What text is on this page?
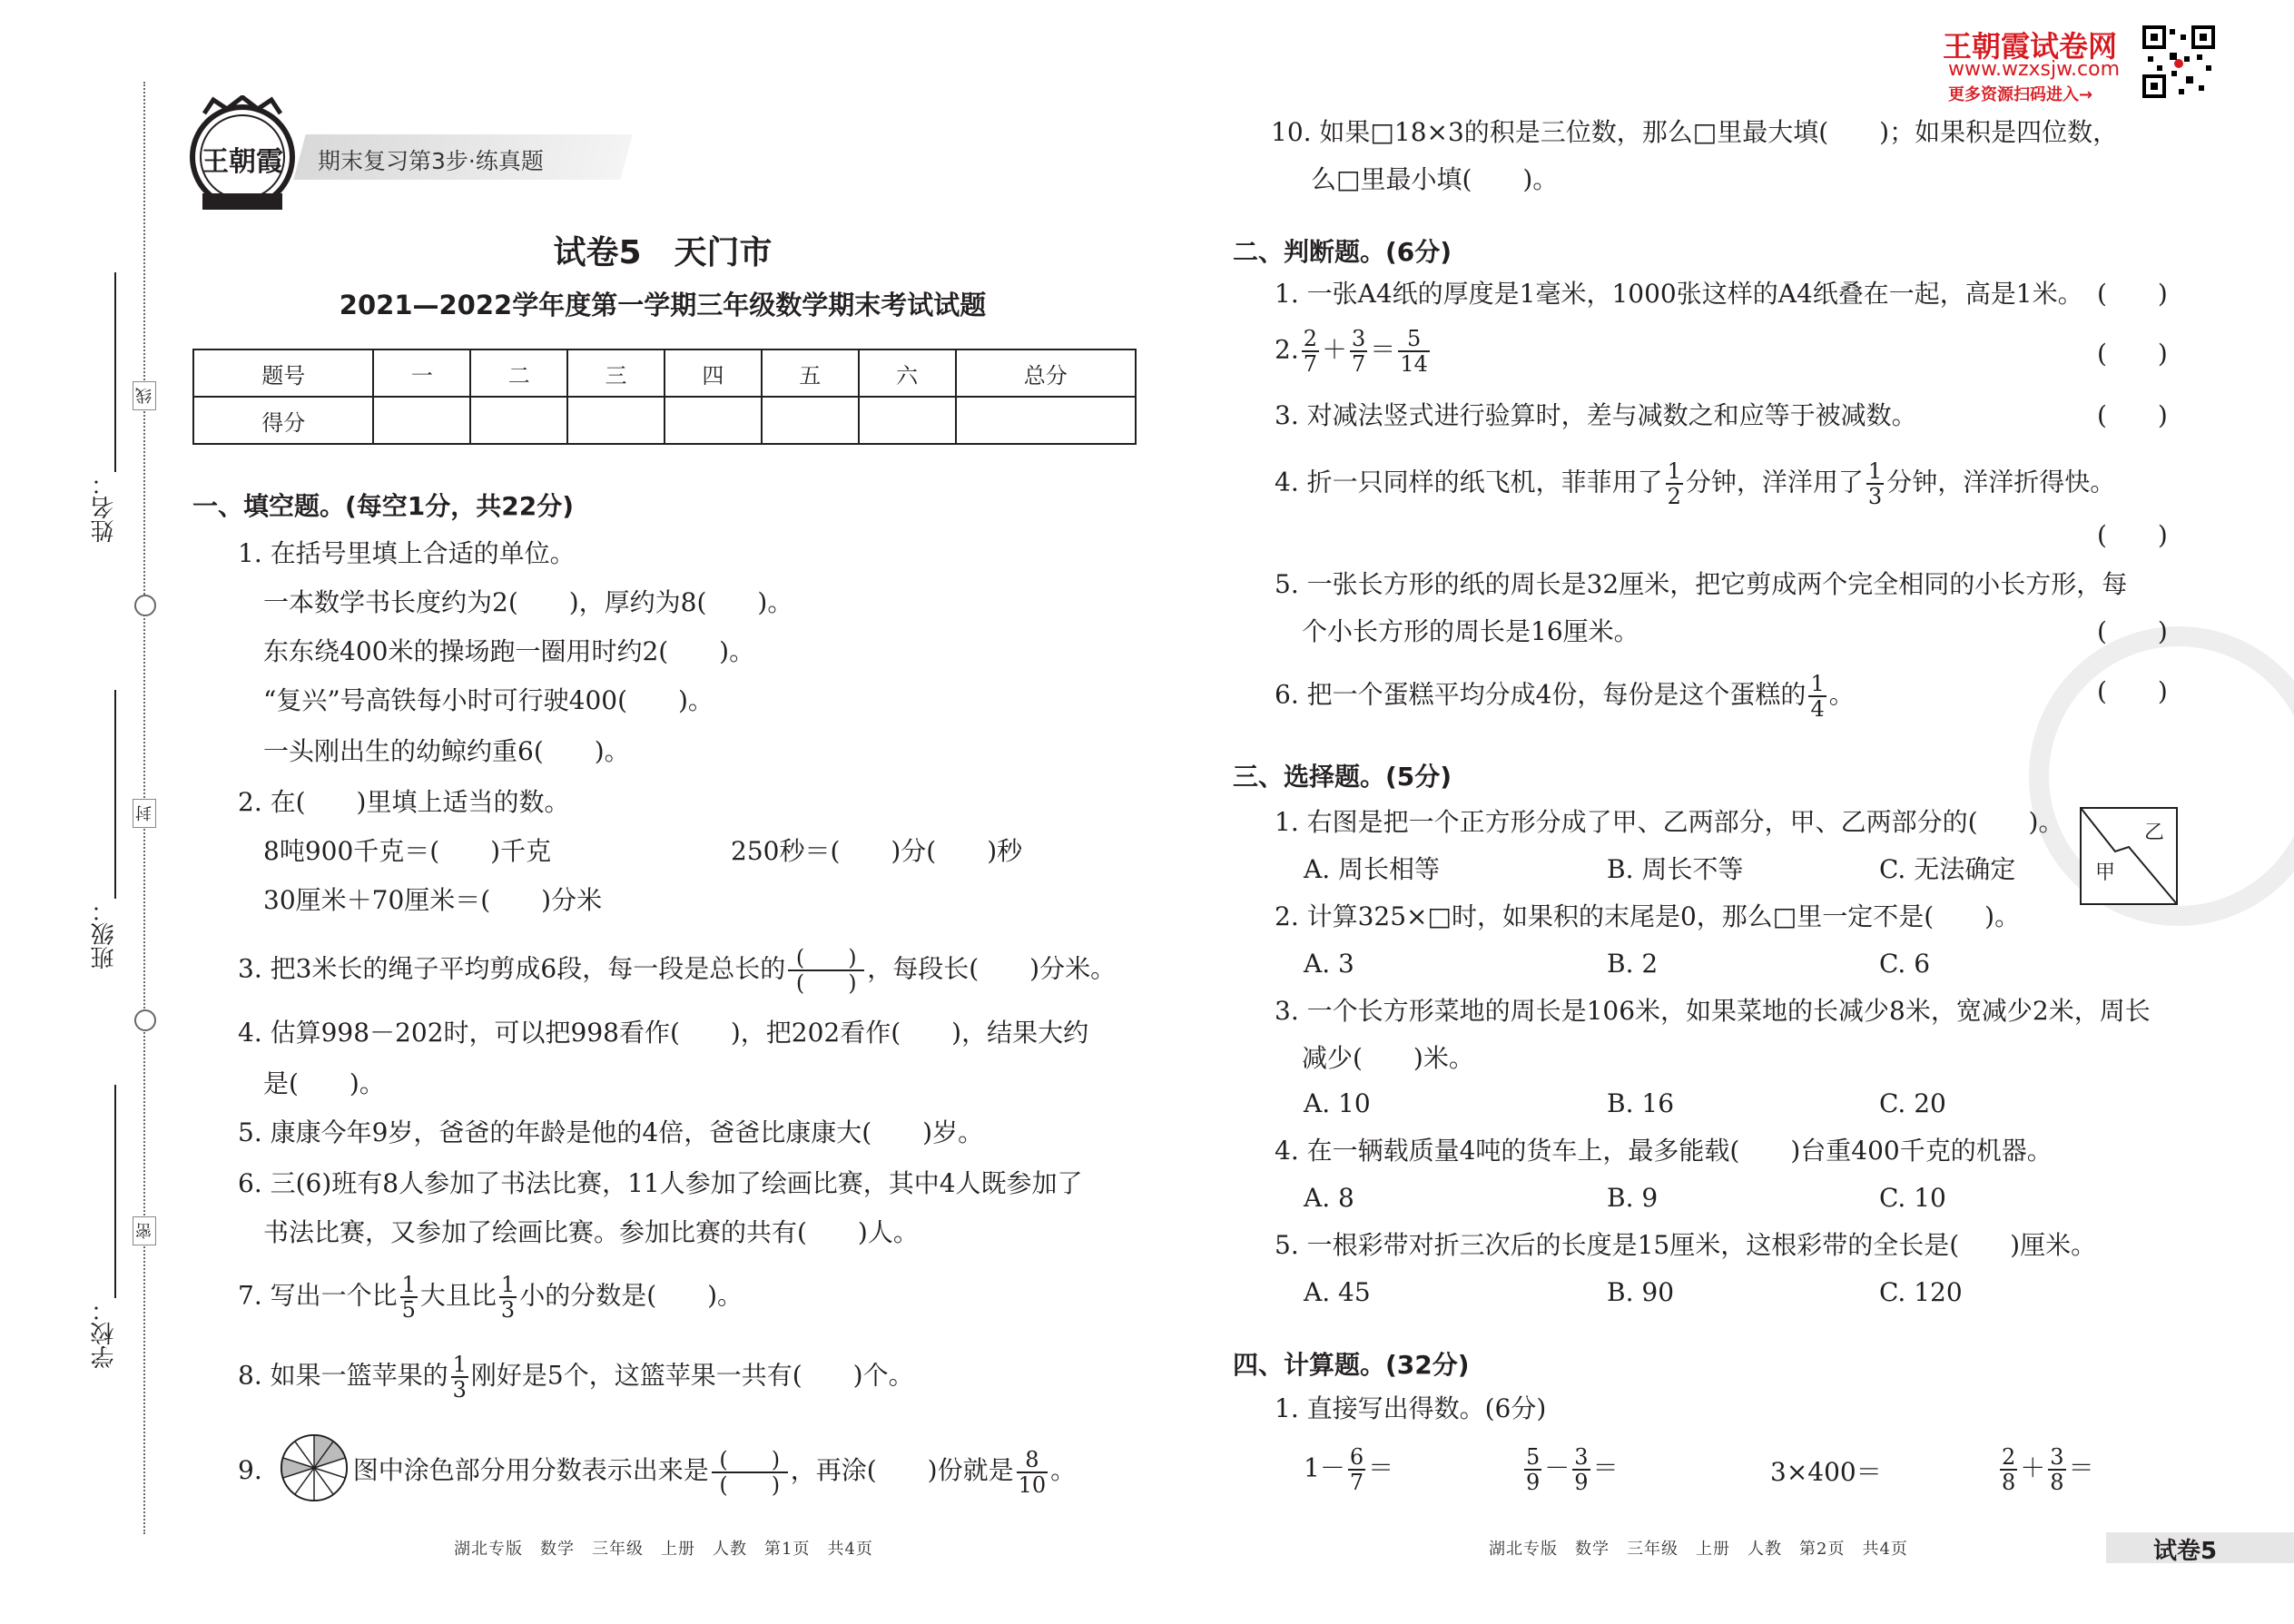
姓名：
班级：
学校：
线
封
密
王朝霞 期末复习第3步·练真题
试卷5　天门市
2021—2022学年度第一学期三年级数学期末考试试题
题号	一	二	三	四	五	六	总分
得分							
一、填空题。(每空1分，共22分)
1. 在括号里填上合适的单位。
一本数学书长度约为2(　　)，厚约为8(　　)。
东东绕400米的操场跑一圈用时约2(　　)。
“复兴”号高铁每小时可行驶400(　　)。
一头刚出生的幼鲸约重6(　　)。
2. 在(　　)里填上适当的数。
8吨900千克＝(　　)千克	250秒＝(　　)分(　　)秒
30厘米＋70厘米＝(　　)分米
3. 把3米长的绳子平均剪成6段，每一段是总长的 $\frac{( )}{( )}$ ，每段长(　　)分米。
4. 估算998－202时，可以把998看作(　　)，把202看作(　　)，结果大约
是(　　)。
5. 康康今年9岁，爸爸的年龄是他的4倍，爸爸比康康大(　　)岁。
6. 三(6)班有8人参加了书法比赛，11人参加了绘画比赛，其中4人既参加了
书法比赛，又参加了绘画比赛。参加比赛的共有(　　)人。
7. 写出一个比 $\frac{1}{5}$ 大且比 $\frac{1}{3}$ 小的分数是(　　)。
8. 如果一篮苹果的 $\frac{1}{3}$ 刚好是5个，这篮苹果一共有(　　)个。
9.	图中涂色部分用分数表示出来是 $\frac{( )}{( )}$ ，再涂(　　)份就是 $\frac{8}{10}$ 。
湖北专版　数学　三年级　上册　人教　第1页　共4页
王朝霞试卷网
www.wzxsjw.com
更多资源扫码进入→
10. 如果□18×3的积是三位数，那么□里最大填(　　)；如果积是四位数，
么□里最小填(　　)。
二、判断题。(6分)
1. 一张A4纸的厚度是1毫米，1000张这样的A4纸叠在一起，高是1米。 (　　)
2. $\frac{2}{7} + \frac{3}{7} = \frac{5}{14}$	(　　)
3. 对减法竖式进行验算时，差与减数之和应等于被减数。	(　　)
4. 折一只同样的纸飞机，菲菲用了 $\frac{1}{2}$ 分钟，洋洋用了 $\frac{1}{3}$ 分钟，洋洋折得快。
(　　)
5. 一张长方形的纸的周长是32厘米，把它剪成两个完全相同的小长方形，每
个小长方形的周长是16厘米。	(　　)
6. 把一个蛋糕平均分成4份，每份是这个蛋糕的 $\frac{1}{4}$ 。	(　　)
三、选择题。(5分)
1. 右图是把一个正方形分成了甲、乙两部分，甲、乙两部分的(　　)。
甲
乙
A. 周长相等	B. 周长不等	C. 无法确定
2. 计算325×□时，如果积的末尾是0，那么□里一定不是(　　)。
A. 3	B. 2	C. 6
3. 一个长方形菜地的周长是106米，如果菜地的长减少8米，宽减少2米，周长
减少(　　)米。
A. 10	B. 16	C. 20
4. 在一辆载质量4吨的货车上，最多能载(　　)台重400千克的机器。
A. 8	B. 9	C. 10
5. 一根彩带对折三次后的长度是15厘米，这根彩带的全长是(　　)厘米。
A. 45	B. 90	C. 120
四、计算题。(32分)
1. 直接写出得数。(6分)
$1- \frac{6}{7}$ ＝	$\frac{5}{9} - \frac{3}{9}$ ＝	3×400＝	$\frac{2}{8} + \frac{3}{8}$ ＝
湖北专版　数学　三年级　上册　人教　第2页　共4页	试卷5
